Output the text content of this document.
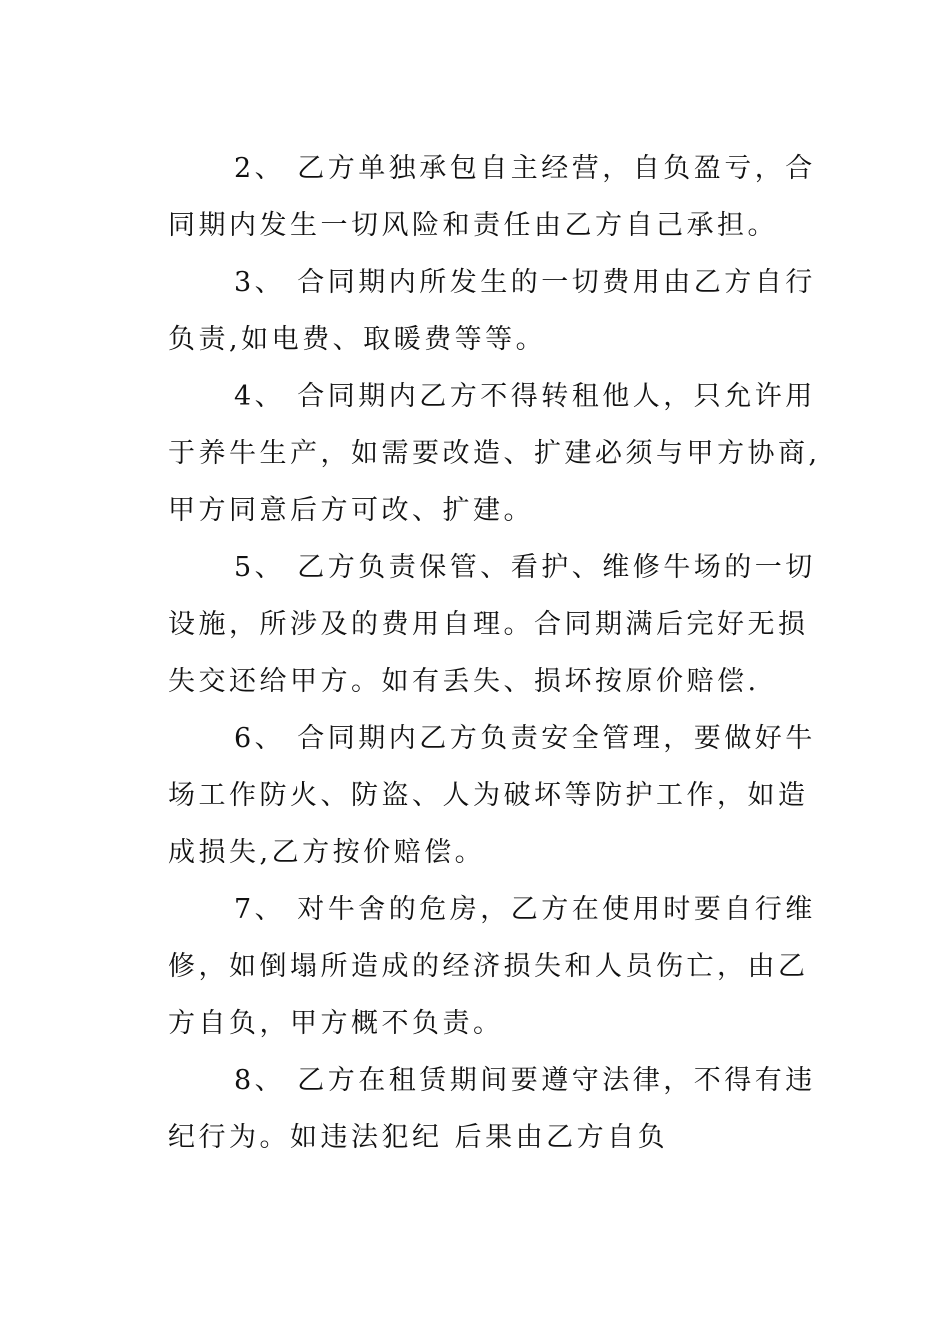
2、 乙方单独承包自主经营，自负盈亏，合
同期内发生一切风险和责任由乙方自己承担。

3、 合同期内所发生的一切费用由乙方自行
负责,如电费、取暖费等等。

4、 合同期内乙方不得转租他人，只允许用
于养牛生产，如需要改造、扩建必须与甲方协商,
甲方同意后方可改、扩建。

5、 乙方负责保管、看护、维修牛场的一切
设施，所涉及的费用自理。合同期满后完好无损
失交还给甲方。如有丢失、损坏按原价赔偿.

6、 合同期内乙方负责安全管理，要做好牛
场工作防火、防盗、人为破坏等防护工作，如造
成损失,乙方按价赔偿。

7、 对牛舍的危房，乙方在使用时要自行维
修，如倒塌所造成的经济损失和人员伤亡，由乙
方自负，甲方概不负责。

8、 乙方在租赁期间要遵守法律，不得有违
纪行为。如违法犯纪 后果由乙方自负
